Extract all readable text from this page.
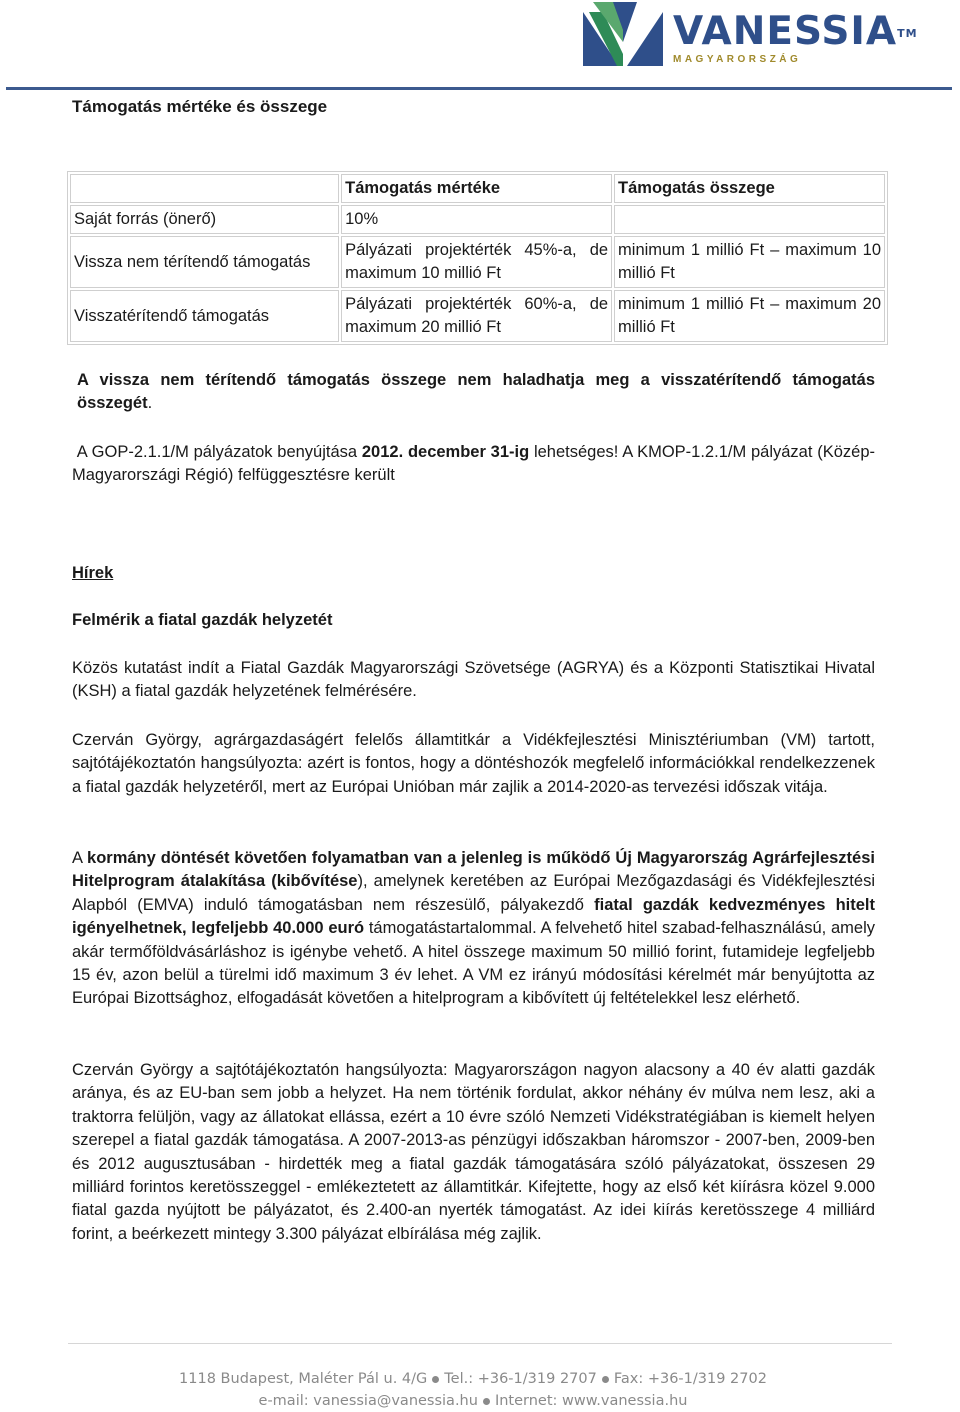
VANESSIA™
MAGYARORSZÁG
Támogatás mértéke és összege
	Támogatás mértéke	Támogatás összege
Saját forrás (önerő)	10%	
Vissza nem térítendő támogatás	Pályázati projektérték 45%-a, de maximum 10 millió Ft	minimum 1 millió Ft – maximum 10 millió Ft
Visszatérítendő támogatás	Pályázati projektérték 60%-a, de maximum 20 millió Ft	minimum 1 millió Ft – maximum 20 millió Ft
A vissza nem térítendő támogatás összege nem haladhatja meg a visszatérítendő támogatás összegét.
A GOP-2.1.1/M pályázatok benyújtása 2012. december 31-ig lehetséges! A KMOP-1.2.1/M pályázat (Közép-Magyarországi Régió) felfüggesztésre került
Hírek
Felmérik a fiatal gazdák helyzetét
Közös kutatást indít a Fiatal Gazdák Magyarországi Szövetsége (AGRYA) és a Központi Statisztikai Hivatal (KSH) a fiatal gazdák helyzetének felmérésére.
Czerván György, agrárgazdaságért felelős államtitkár a Vidékfejlesztési Minisztériumban (VM) tartott, sajtótájékoztatón hangsúlyozta: azért is fontos, hogy a döntéshozók megfelelő információkkal rendelkezzenek a fiatal gazdák helyzetéről, mert az Európai Unióban már zajlik a 2014-2020-as tervezési időszak vitája.
A kormány döntését követően folyamatban van a jelenleg is működő Új Magyarország Agrárfejlesztési Hitelprogram átalakítása (kibővítése), amelynek keretében az Európai Mezőgazdasági és Vidékfejlesztési Alapból (EMVA) induló támogatásban nem részesülő, pályakezdő fiatal gazdák kedvezményes hitelt igényelhetnek, legfeljebb 40.000 euró támogatástartalommal. A felvehető hitel szabad-felhasználású, amely akár termőföldvásárláshoz is igénybe vehető. A hitel összege maximum 50 millió forint, futamideje legfeljebb 15 év, azon belül a türelmi idő maximum 3 év lehet. A VM ez irányú módosítási kérelmét már benyújtotta az Európai Bizottsághoz, elfogadását követően a hitelprogram a kibővített új feltételekkel lesz elérhető.
Czerván György a sajtótájékoztatón hangsúlyozta: Magyarországon nagyon alacsony a 40 év alatti gazdák aránya, és az EU-ban sem jobb a helyzet. Ha nem történik fordulat, akkor néhány év múlva nem lesz, aki a traktorra felüljön, vagy az állatokat ellássa, ezért a 10 évre szóló Nemzeti Vidékstratégiában is kiemelt helyen szerepel a fiatal gazdák támogatása. A 2007-2013-as pénzügyi időszakban háromszor - 2007-ben, 2009-ben és 2012 augusztusában - hirdették meg a fiatal gazdák támogatására szóló pályázatokat, összesen 29 milliárd forintos keretösszeggel - emlékeztetett az államtitkár. Kifejtette, hogy az első két kiírásra közel 9.000 fiatal gazda nyújtott be pályázatot, és 2.400-an nyerték támogatást. Az idei kiírás keretösszege 4 milliárd forint, a beérkezett mintegy 3.300 pályázat elbírálása még zajlik.
1118 Budapest, Maléter Pál u. 4/G Tel.: +36-1/319 2707 Fax: +36-1/319 2702
e-mail: vanessia@vanessia.hu Internet: www.vanessia.hu
